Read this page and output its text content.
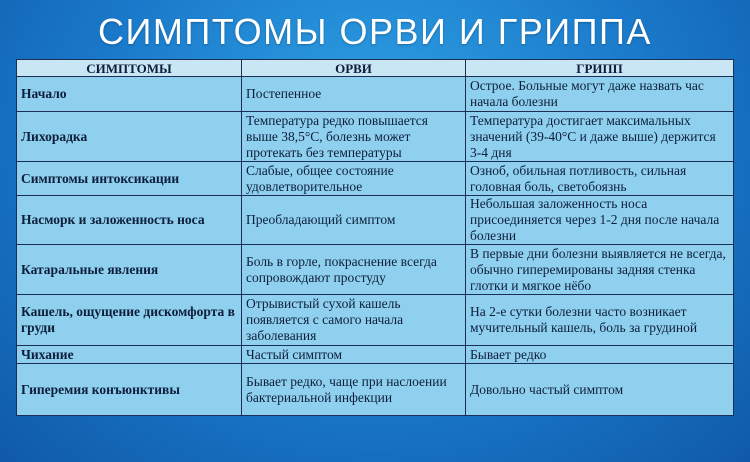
СИМПТОМЫ ОРВИ И ГРИППА
СИМПТОМЫ	ОРВИ	ГРИПП
Начало	Постепенное	Острое. Больные могут даже назвать час начала болезни
Лихорадка	Температура редко повышается выше 38,5°С, болезнь может протекать без температуры	Температура достигает максимальных значений (39-40°С и даже выше) держится 3-4 дня
Симптомы интоксикации	Слабые, общее состояние удовлетворительное	Озноб, обильная потливость, сильная головная боль, светобоязнь
Насморк и заложенность носа	Преобладающий симптом	Небольшая заложенность носа присоединяется через 1-2 дня после начала болезни
Катаральные явления	Боль в горле, покраснение всегда сопровождают простуду	В первые дни болезни выявляется не всегда, обычно гиперемированы задняя стенка глотки и мягкое нёбо
Кашель, ощущение дискомфорта в груди	Отрывистый сухой кашель появляется с самого начала заболевания	На 2-е сутки болезни часто возникает мучительный кашель, боль за грудиной
Чихание	Частый симптом	Бывает редко
Гиперемия конъюнктивы	Бывает редко, чаще при наслоении бактериальной инфекции	Довольно частый симптом
